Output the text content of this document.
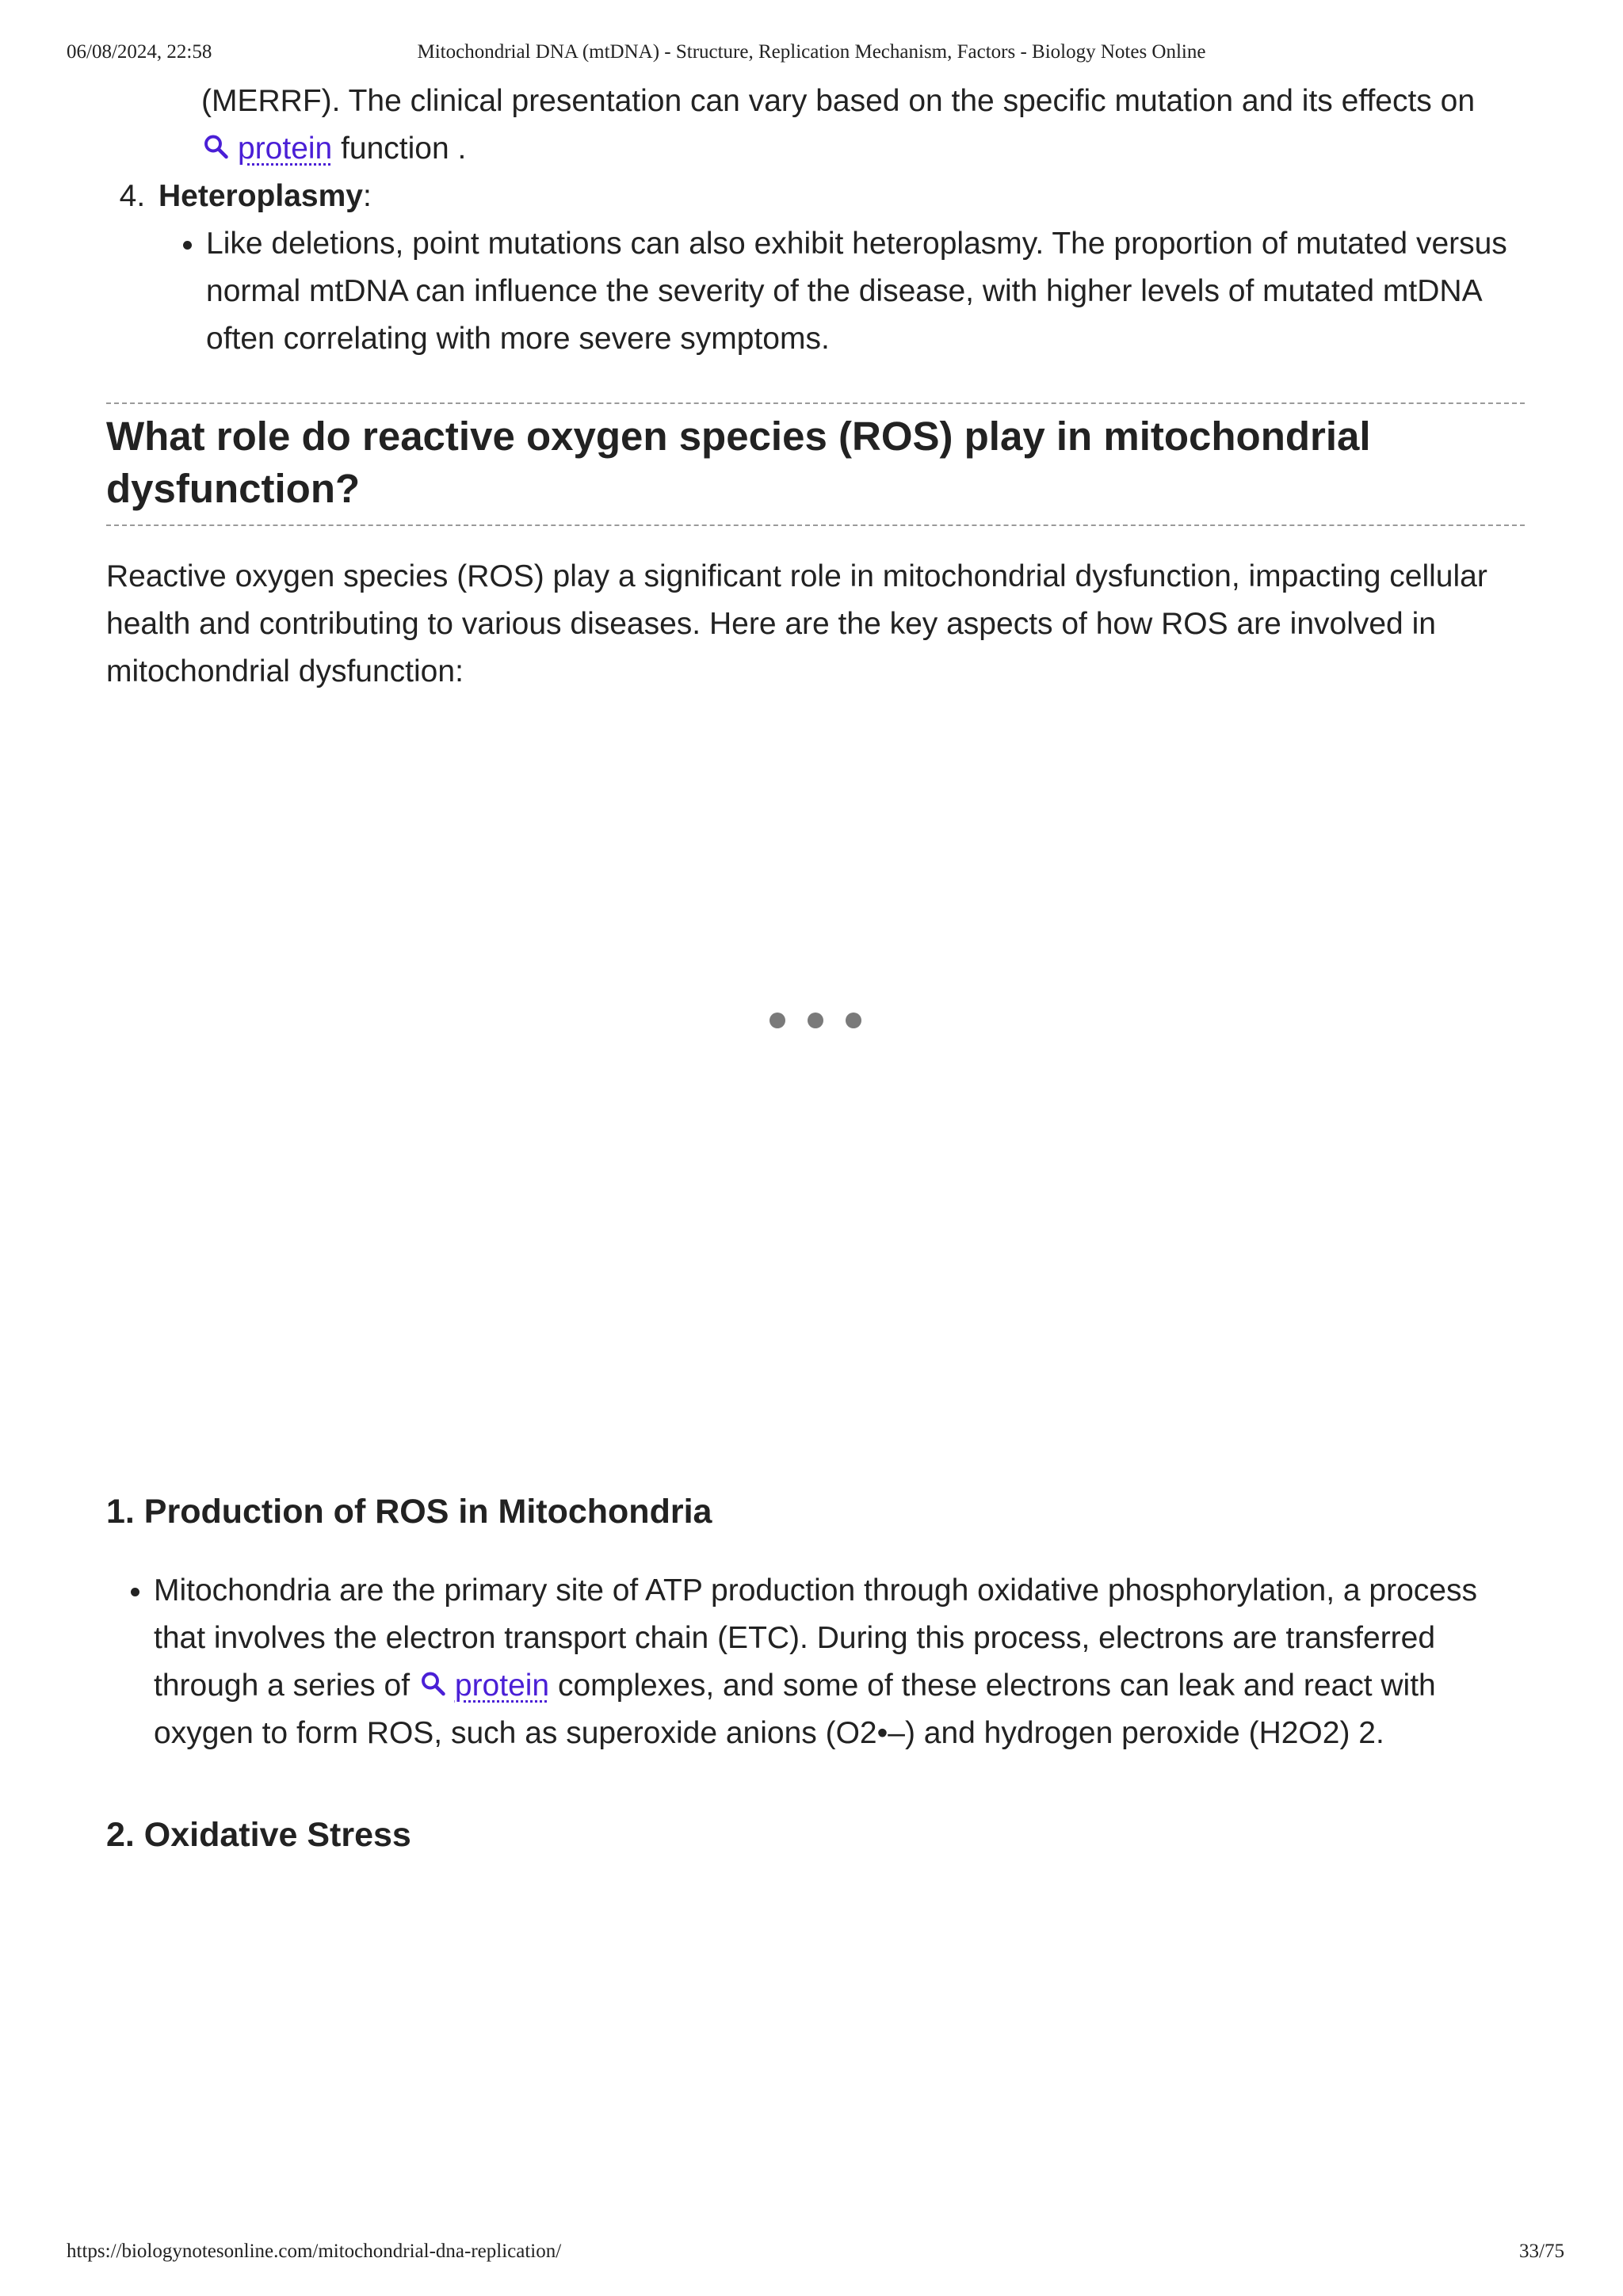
06/08/2024, 22:58	Mitochondrial DNA (mtDNA) - Structure, Replication Mechanism, Factors - Biology Notes Online

(MERRF). The clinical presentation can vary based on the specific mutation and its effects on
protein function .

4. Heteroplasmy:
• Like deletions, point mutations can also exhibit heteroplasmy. The proportion of mutated versus normal mtDNA can influence the severity of the disease, with higher levels of mutated mtDNA often correlating with more severe symptoms.
What role do reactive oxygen species (ROS) play in mitochondrial dysfunction?

Reactive oxygen species (ROS) play a significant role in mitochondrial dysfunction, impacting cellular health and contributing to various diseases. Here are the key aspects of how ROS are involved in mitochondrial dysfunction:

1. Production of ROS in Mitochondria
• Mitochondria are the primary site of ATP production through oxidative phosphorylation, a process that involves the electron transport chain (ETC). During this process, electrons are transferred through a series of protein complexes, and some of these electrons can leak and react with oxygen to form ROS, such as superoxide anions (O2•–) and hydrogen peroxide (H2O2) 2.
2. Oxidative Stress
https://biologynotesonline.com/mitochondrial-dna-replication/	33/75
